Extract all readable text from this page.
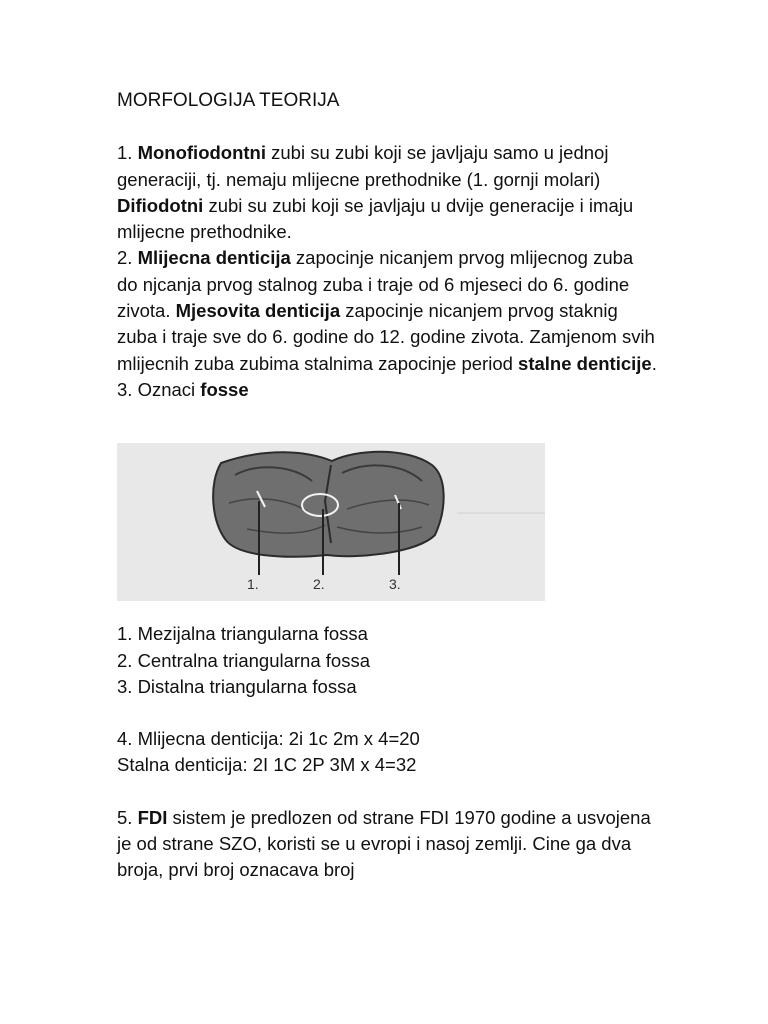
MORFOLOGIJA TEORIJA

1. Monofiodontni zubi su zubi koji se javljaju samo u jednoj generaciji, tj. nemaju mlijecne prethodnike (1. gornji molari)

Difiodotni zubi su zubi koji se javljaju u dvije generacije i imaju mlijecne prethodnike.

2. Mlijecna denticija zapocinje nicanjem prvog mlijecnog zuba do njcanja prvog stalnog zuba i traje od 6 mjeseci do 6. godine zivota. Mjesovita denticija zapocinje nicanjem prvog staknig zuba i traje sve do 6. godine do 12. godine zivota. Zamjenom svih mlijecnih zuba zubima stalnima zapocinje period stalne denticije.

3. Oznaci fosse

1.	2.	3.

1. Mezijalna triangularna fossa

2. Centralna triangularna fossa

3. Distalna triangularna fossa

4. Mlijecna denticija: 2i 1c 2m x 4=20

Stalna denticija: 2I 1C 2P 3M x 4=32

5. FDI sistem je predlozen od strane FDI 1970 godine a usvojena je od strane SZO, koristi se u evropi i nasoj zemlji. Cine ga dva broja, prvi broj oznacava broj
